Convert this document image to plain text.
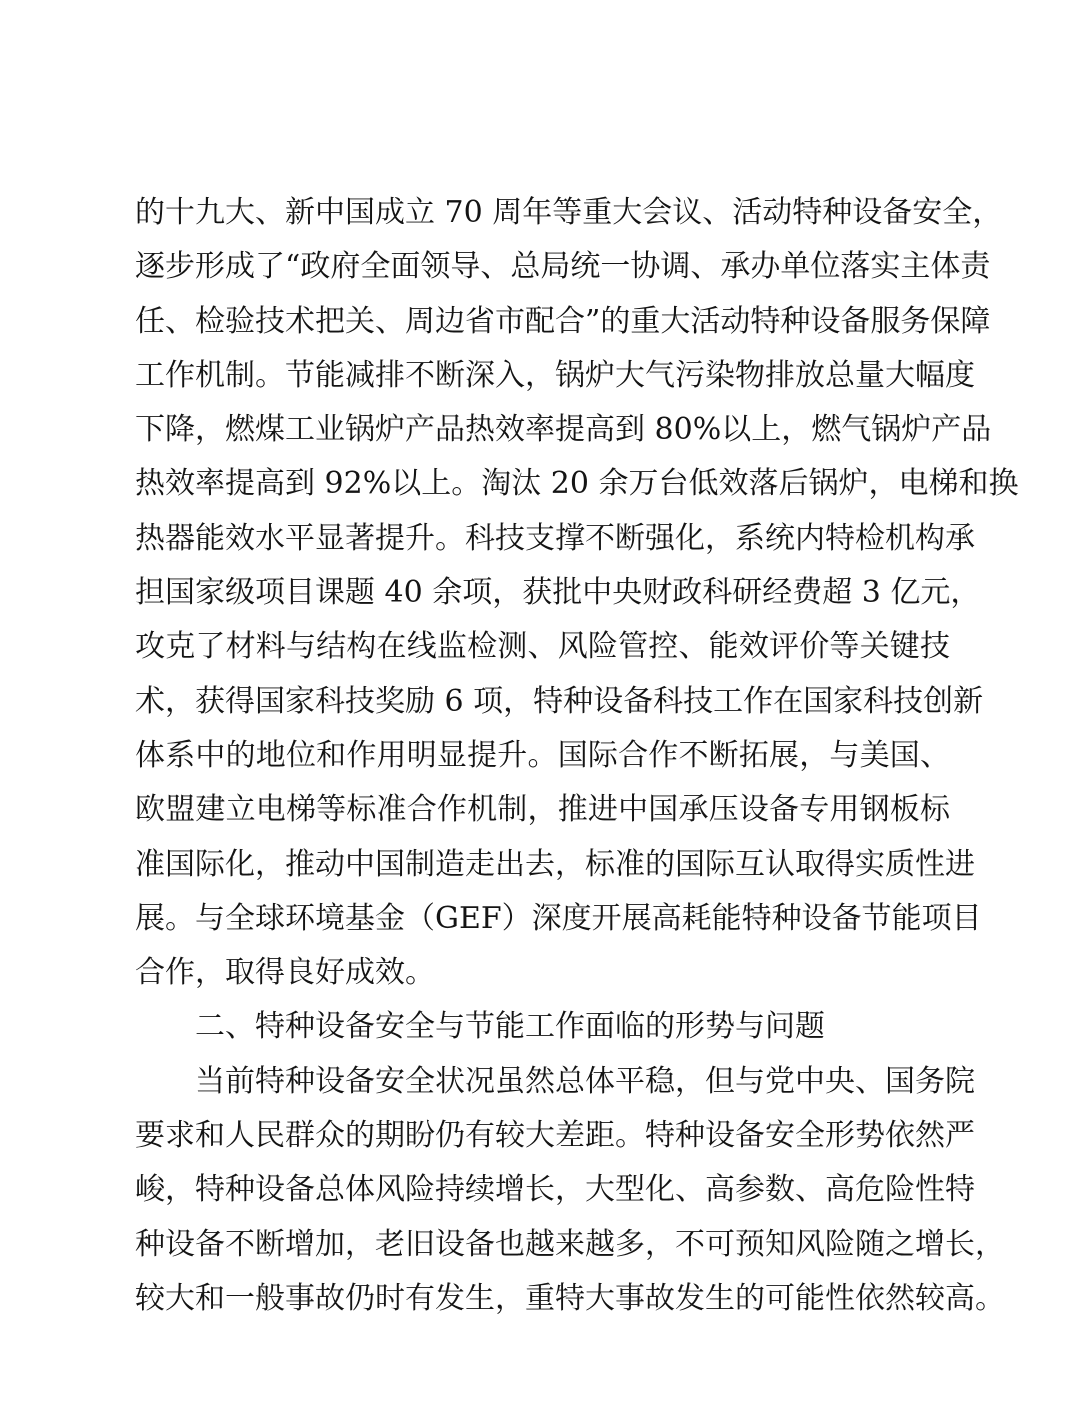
的十九大、新中国成立 70 周年等重大会议、活动特种设备安全，
逐步形成了“政府全面领导、总局统一协调、承办单位落实主体责
任、检验技术把关、周边省市配合”的重大活动特种设备服务保障
工作机制。节能减排不断深入，锅炉大气污染物排放总量大幅度
下降，燃煤工业锅炉产品热效率提高到 80%以上，燃气锅炉产品
热效率提高到 92%以上。淘汰 20 余万台低效落后锅炉，电梯和换
热器能效水平显著提升。科技支撑不断强化，系统内特检机构承
担国家级项目课题 40 余项，获批中央财政科研经费超 3 亿元，
攻克了材料与结构在线监检测、风险管控、能效评价等关键技
术，获得国家科技奖励 6 项，特种设备科技工作在国家科技创新
体系中的地位和作用明显提升。国际合作不断拓展，与美国、
欧盟建立电梯等标准合作机制，推进中国承压设备专用钢板标
准国际化，推动中国制造走出去，标准的国际互认取得实质性进
展。与全球环境基金（GEF）深度开展高耗能特种设备节能项目
合作，取得良好成效。
二、特种设备安全与节能工作面临的形势与问题
当前特种设备安全状况虽然总体平稳，但与党中央、国务院
要求和人民群众的期盼仍有较大差距。特种设备安全形势依然严
峻，特种设备总体风险持续增长，大型化、高参数、高危险性特
种设备不断增加，老旧设备也越来越多，不可预知风险随之增长，
较大和一般事故仍时有发生，重特大事故发生的可能性依然较高。
